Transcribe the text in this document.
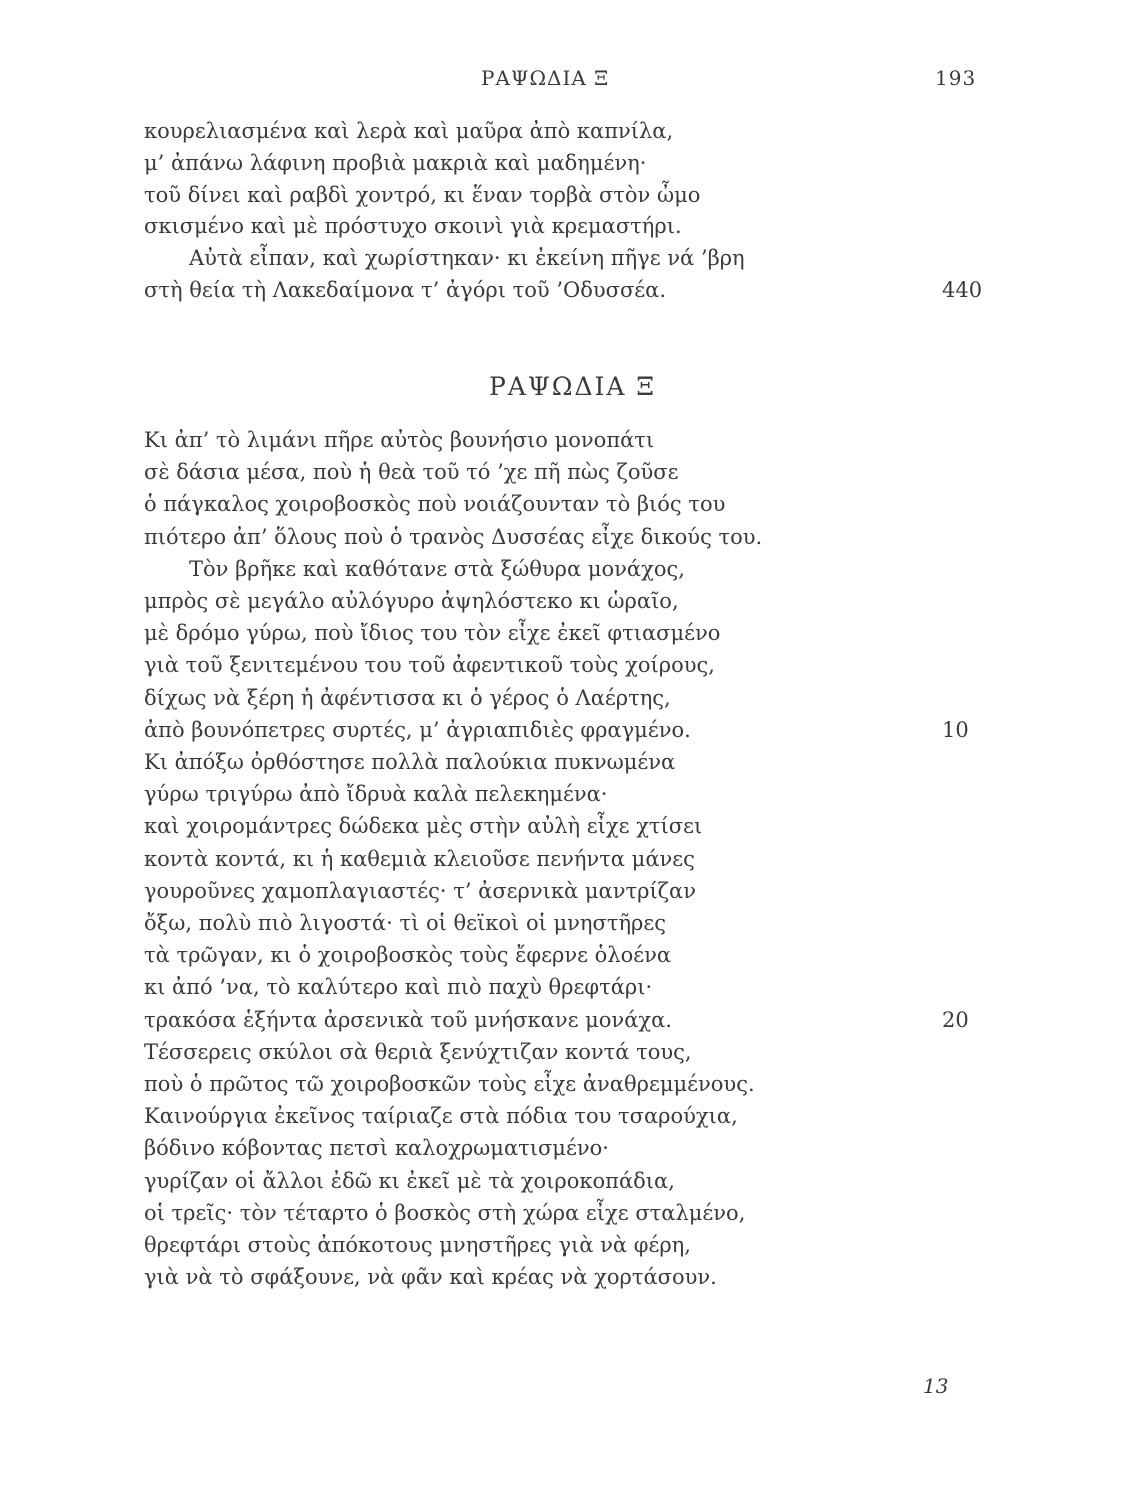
ΡΑΨΩΔΙΑ Ξ	193
κουρελιασμένα καὶ λερὰ καὶ μαῦρα ἀπὸ καπνίλα,
μ’ ἀπάνω λάφινη προβιὰ μακριὰ καὶ μαδημένη·
τοῦ δίνει καὶ ραβδὶ χοντρό, κι ἕναν τορβὰ στὸν ὦμο
σκισμένο καὶ μὲ πρόστυχο σκοινὶ γιὰ κρεμαστήρι.
Αὐτὰ εἶπαν, καὶ χωρίστηκαν· κι ἐκείνη πῆγε νά ’βρη
στὴ θεία τὴ Λακεδαίμονα τ’ ἀγόρι τοῦ ’Οδυσσέα.	440
ΡΑΨΩΔΙΑ Ξ
Κι ἀπ’ τὸ λιμάνι πῆρε αὐτὸς βουνήσιο μονοπάτι
σὲ δάσια μέσα, ποὺ ἡ θεὰ τοῦ τό ’χε πῆ πὼς ζοῦσε
ὁ πάγκαλος χοιροβοσκὸς ποὺ νοιάζουνταν τὸ βιός του
πιότερο ἀπ’ ὅλους ποὺ ὁ τρανὸς Δυσσέας εἶχε δικούς του.
Τὸν βρῆκε καὶ καθότανε στὰ ξώθυρα μονάχος,
μπρὸς σὲ μεγάλο αὐλόγυρο ἀψηλόστεκο κι ὡραῖο,
μὲ δρόμο γύρω, ποὺ ἴδιος του τὸν εἶχε ἐκεῖ φτιασμένο
γιὰ τοῦ ξενιτεμένου του τοῦ ἀφεντικοῦ τοὺς χοίρους,
δίχως νὰ ξέρη ἡ ἀφέντισσα κι ὁ γέρος ὁ Λαέρτης,
ἀπὸ βουνόπετρες συρτές, μ’ ἀγριαπιδιὲς φραγμένο.	10
Κι ἀπόξω ὀρθόστησε πολλὰ παλούκια πυκνωμένα
γύρω τριγύρω ἀπὸ ἴδρυὰ καλὰ πελεκημένα·
καὶ χοιρομάντρες δώδεκα μὲς στὴν αὐλὴ εἶχε χτίσει
κοντὰ κοντά, κι ἡ καθεμιὰ κλειοῦσε πενήντα μάνες
γουροῦνες χαμοπλαγιαστές· τ’ ἀσερνικὰ μαντρίζαν
ὄξω, πολὺ πιὸ λιγοστά· τὶ οἱ θεϊκοὶ οἱ μνηστῆρες
τὰ τρῶγαν, κι ὁ χοιροβοσκὸς τοὺς ἔφερνε ὁλοένα
κι ἀπό ’να, τὸ καλύτερο καὶ πιὸ παχὺ θρεφτάρι·
τρακόσα ἑξήντα ἀρσενικὰ τοῦ μνήσκανε μονάχα.	20
Τέσσερεις σκύλοι σὰ θεριὰ ξενύχτιζαν κοντά τους,
ποὺ ὁ πρῶτος τῶ χοιροβοσκῶν τοὺς εἶχε ἀναθρεμμένους.
Καινούργια ἐκεῖνος ταίριαζε στὰ πόδια του τσαρούχια,
βόδινο κόβοντας πετσὶ καλοχρωματισμένο·
γυρίζαν οἱ ἄλλοι ἐδῶ κι ἐκεῖ μὲ τὰ χοιροκοπάδια,
οἱ τρεῖς· τὸν τέταρτο ὁ βοσκὸς στὴ χώρα εἶχε σταλμένο,
θρεφτάρι στοὺς ἀπόκοτους μνηστῆρες γιὰ νὰ φέρη,
γιὰ νὰ τὸ σφάξουνε, νὰ φᾶν καὶ κρέας νὰ χορτάσουν.
13
